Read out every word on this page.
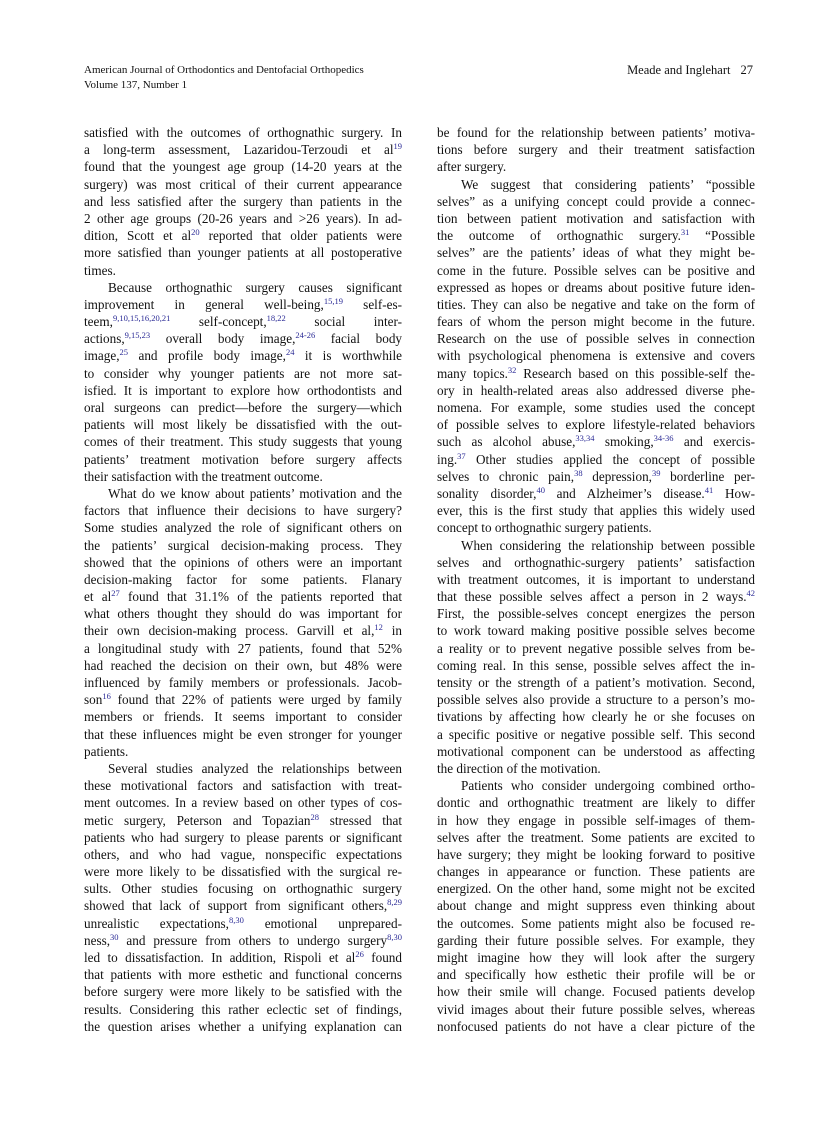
American Journal of Orthodontics and Dentofacial Orthopedics
Volume 137, Number 1
Meade and Inglehart 27
satisfied with the outcomes of orthognathic surgery. In
a long-term assessment, Lazaridou-Terzoudi et $al^{19}$
found that the youngest age group (14-20 years at the
surgery) was most critical of their current appearance
and less satisfied after the surgery than patients in the
2 other age groups (20-26 years and >26 years). In ad-
dition, Scott et $al^{20}$ reported that older patients were
more satisfied than younger patients at all postoperative
times.
Because orthognathic surgery causes significant
improvement in general well-being,$^{15,19}$ self-es-
teem,$^{9,10,15,16,20,21}$ self-concept,$^{18,22}$ social inter-
actions,$^{9,15,23}$ overall body image,$^{24-26}$ facial body
image,$^{25}$ and profile body image,$^{24}$ it is worthwhile
to consider why younger patients are not more sat-
isfied. It is important to explore how orthodontists and
oral surgeons can predict—before the surgery—which
patients will most likely be dissatisfied with the out-
comes of their treatment. This study suggests that young
patients’ treatment motivation before surgery affects
their satisfaction with the treatment outcome.
What do we know about patients’ motivation and the
factors that influence their decisions to have surgery?
Some studies analyzed the role of significant others on
the patients’ surgical decision-making process. They
showed that the opinions of others were an important
decision-making factor for some patients. Flanary
et $al^{27}$ found that 31.1% of the patients reported that
what others thought they should do was important for
their own decision-making process. Garvill et al,$^{12}$ in
a longitudinal study with 27 patients, found that 52%
had reached the decision on their own, but 48% were
influenced by family members or professionals. Jacob-
son$^{16}$ found that 22% of patients were urged by family
members or friends. It seems important to consider
that these influences might be even stronger for younger
patients.
Several studies analyzed the relationships between
these motivational factors and satisfaction with treat-
ment outcomes. In a review based on other types of cos-
metic surgery, Peterson and Topazian$^{28}$ stressed that
patients who had surgery to please parents or significant
others, and who had vague, nonspecific expectations
were more likely to be dissatisfied with the surgical re-
sults. Other studies focusing on orthognathic surgery
showed that lack of support from significant others,$^{8,29}$
unrealistic expectations,$^{8,30}$ emotional unprepared-
ness,$^{30}$ and pressure from others to undergo surgery$^{8,30}$
led to dissatisfaction. In addition, Rispoli et $al^{26}$ found
that patients with more esthetic and functional concerns
before surgery were more likely to be satisfied with the
results. Considering this rather eclectic set of findings,
the question arises whether a unifying explanation can
be found for the relationship between patients’ motiva-
tions before surgery and their treatment satisfaction
after surgery.
We suggest that considering patients’ “possible
selves” as a unifying concept could provide a connec-
tion between patient motivation and satisfaction with
the outcome of orthognathic surgery.$^{31}$ “Possible
selves” are the patients’ ideas of what they might be-
come in the future. Possible selves can be positive and
expressed as hopes or dreams about positive future iden-
tities. They can also be negative and take on the form of
fears of whom the person might become in the future.
Research on the use of possible selves in connection
with psychological phenomena is extensive and covers
many topics.$^{32}$ Research based on this possible-self the-
ory in health-related areas also addressed diverse phe-
nomena. For example, some studies used the concept
of possible selves to explore lifestyle-related behaviors
such as alcohol abuse,$^{33,34}$ smoking,$^{34-36}$ and exercis-
ing.$^{37}$ Other studies applied the concept of possible
selves to chronic pain,$^{38}$ depression,$^{39}$ borderline per-
sonality disorder,$^{40}$ and Alzheimer’s disease.$^{41}$ How-
ever, this is the first study that applies this widely used
concept to orthognathic surgery patients.
When considering the relationship between possible
selves and orthognathic-surgery patients’ satisfaction
with treatment outcomes, it is important to understand
that these possible selves affect a person in 2 ways.$^{42}$
First, the possible-selves concept energizes the person
to work toward making positive possible selves become
a reality or to prevent negative possible selves from be-
coming real. In this sense, possible selves affect the in-
tensity or the strength of a patient’s motivation. Second,
possible selves also provide a structure to a person’s mo-
tivations by affecting how clearly he or she focuses on
a specific positive or negative possible self. This second
motivational component can be understood as affecting
the direction of the motivation.
Patients who consider undergoing combined ortho-
dontic and orthognathic treatment are likely to differ
in how they engage in possible self-images of them-
selves after the treatment. Some patients are excited to
have surgery; they might be looking forward to positive
changes in appearance or function. These patients are
energized. On the other hand, some might not be excited
about change and might suppress even thinking about
the outcomes. Some patients might also be focused re-
garding their future possible selves. For example, they
might imagine how they will look after the surgery
and specifically how esthetic their profile will be or
how their smile will change. Focused patients develop
vivid images about their future possible selves, whereas
nonfocused patients do not have a clear picture of the
